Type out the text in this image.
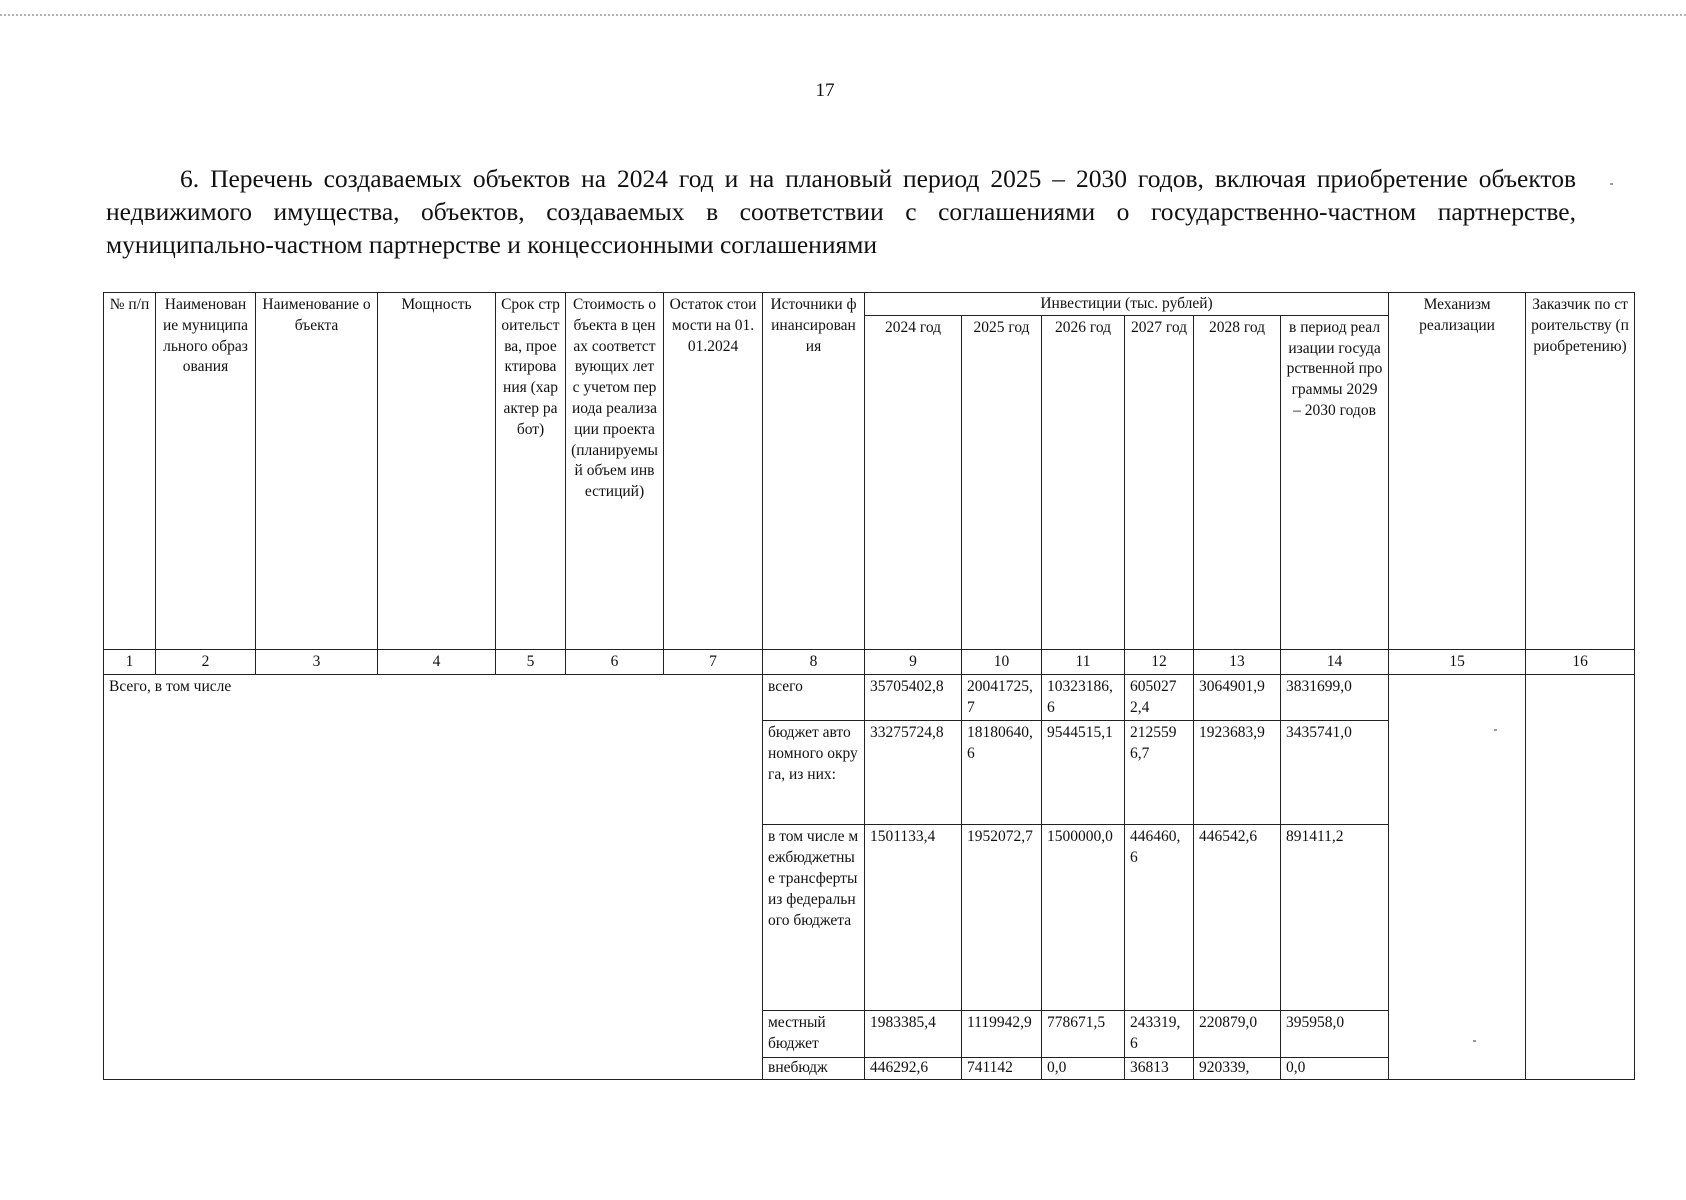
17

6. Перечень создаваемых объектов на 2024 год и на плановый период 2025 – 2030 годов, включая приобретение объектов недвижимого имущества, объектов, создаваемых в соответствии с соглашениями о государственно-частном партнерстве, муниципально-частном партнерстве и концессионными соглашениями

№ п/п	Наименование муниципального образования	Наименование объекта	Мощность	Срок строительства, проектирования (характер работ)	Стоимость объекта в ценах соответствующих лет с учетом периода реализации проекта (планируемый объем инвестиций)	Остаток стоимости на 01.01.2024	Источники финансирования	Инвестиции (тыс. рублей)						Механизм реализации	Заказчик по строительству (приобретению)
								2024 год	2025 год	2026 год	2027 год	2028 год	в период реализации государственной программы 2029 – 2030 годов		
1	2	3	4	5	6	7	8	9	10	11	12	13	14	15	16
Всего, в том числе							всего	35705402,8	20041725,7	10323186,6	6050272,4	3064901,9	3831699,0		
							бюджет автономного округа, из них:	33275724,8	18180640,6	9544515,1	2125596,7	1923683,9	3435741,0		
							в том числе межбюджетные трансферты из федерального бюджета	1501133,4	1952072,7	1500000,0	446460,6	446542,6	891411,2		
							местный бюджет	1983385,4	1119942,9	778671,5	243319,6	220879,0	395958,0		
							внебюдж	446292,6	741142	0,0	36813	920339,	0,0		
